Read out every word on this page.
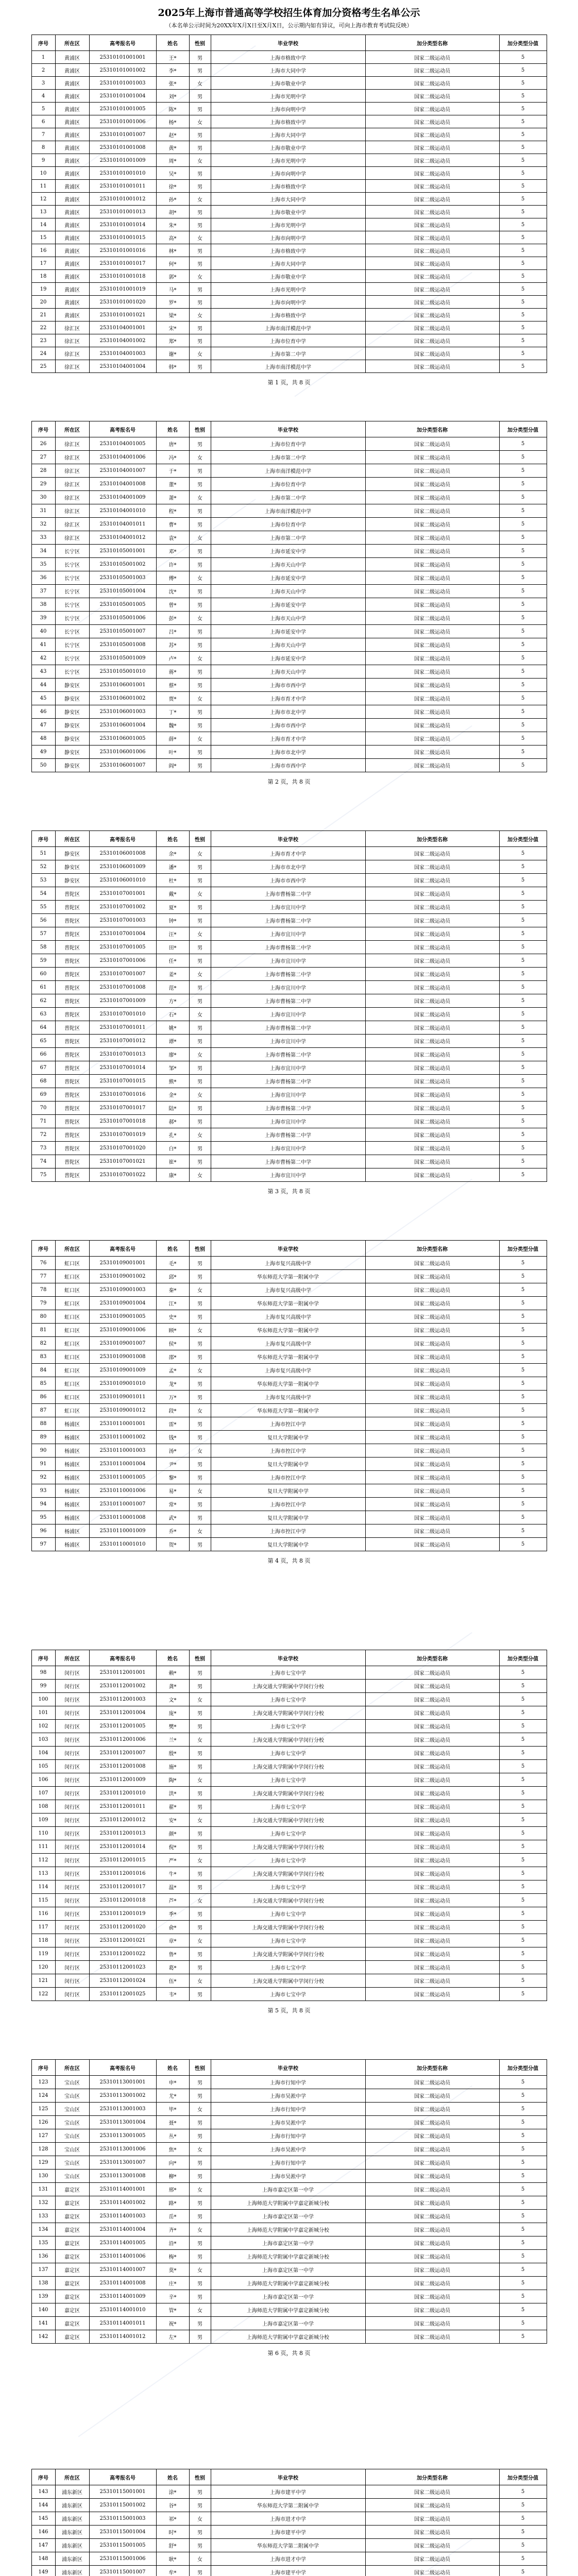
2025年上海市普通高等学校招生体育加分资格考生名单公示
（本名单公示时间为20XX年X月X日至X月X日，公示期内如有异议，可向上海市教育考试院反映）
序号	所在区	高考报名号	姓名	性别	毕业学校	加分类型名称	加分类型分值
1	黄浦区	25310101001001	王*	男	上海市格致中学	国家二级运动员	5
2	黄浦区	25310101001002	李*	男	上海市大同中学	国家二级运动员	5
3	黄浦区	25310101001003	张*	女	上海市敬业中学	国家二级运动员	5
4	黄浦区	25310101001004	刘*	男	上海市光明中学	国家二级运动员	5
5	黄浦区	25310101001005	陈*	男	上海市向明中学	国家二级运动员	5
6	黄浦区	25310101001006	杨*	女	上海市格致中学	国家二级运动员	5
7	黄浦区	25310101001007	赵*	男	上海市大同中学	国家二级运动员	5
8	黄浦区	25310101001008	黄*	男	上海市敬业中学	国家二级运动员	5
9	黄浦区	25310101001009	周*	女	上海市光明中学	国家二级运动员	5
10	黄浦区	25310101001010	吴*	男	上海市向明中学	国家二级运动员	5
11	黄浦区	25310101001011	徐*	男	上海市格致中学	国家二级运动员	5
12	黄浦区	25310101001012	孙*	女	上海市大同中学	国家二级运动员	5
13	黄浦区	25310101001013	胡*	男	上海市敬业中学	国家二级运动员	5
14	黄浦区	25310101001014	朱*	男	上海市光明中学	国家二级运动员	5
15	黄浦区	25310101001015	高*	女	上海市向明中学	国家二级运动员	5
16	黄浦区	25310101001016	林*	男	上海市格致中学	国家二级运动员	5
17	黄浦区	25310101001017	何*	男	上海市大同中学	国家二级运动员	5
18	黄浦区	25310101001018	郭*	女	上海市敬业中学	国家二级运动员	5
19	黄浦区	25310101001019	马*	男	上海市光明中学	国家二级运动员	5
20	黄浦区	25310101001020	罗*	男	上海市向明中学	国家二级运动员	5
21	黄浦区	25310101001021	梁*	女	上海市格致中学	国家二级运动员	5
22	徐汇区	25310104001001	宋*	男	上海市南洋模范中学	国家二级运动员	5
23	徐汇区	25310104001002	郑*	男	上海市位育中学	国家二级运动员	5
24	徐汇区	25310104001003	谢*	女	上海市第二中学	国家二级运动员	5
25	徐汇区	25310104001004	韩*	男	上海市南洋模范中学	国家二级运动员	5
第 1 页，共 8 页
序号	所在区	高考报名号	姓名	性别	毕业学校	加分类型名称	加分类型分值
26	徐汇区	25310104001005	唐*	男	上海市位育中学	国家二级运动员	5
27	徐汇区	25310104001006	冯*	女	上海市第二中学	国家二级运动员	5
28	徐汇区	25310104001007	于*	男	上海市南洋模范中学	国家二级运动员	5
29	徐汇区	25310104001008	董*	男	上海市位育中学	国家二级运动员	5
30	徐汇区	25310104001009	萧*	女	上海市第二中学	国家二级运动员	5
31	徐汇区	25310104001010	程*	男	上海市南洋模范中学	国家二级运动员	5
32	徐汇区	25310104001011	曹*	男	上海市位育中学	国家二级运动员	5
33	徐汇区	25310104001012	袁*	女	上海市第二中学	国家二级运动员	5
34	长宁区	25310105001001	邓*	男	上海市延安中学	国家二级运动员	5
35	长宁区	25310105001002	许*	男	上海市天山中学	国家二级运动员	5
36	长宁区	25310105001003	傅*	女	上海市延安中学	国家二级运动员	5
37	长宁区	25310105001004	沈*	男	上海市天山中学	国家二级运动员	5
38	长宁区	25310105001005	曾*	男	上海市延安中学	国家二级运动员	5
39	长宁区	25310105001006	彭*	女	上海市天山中学	国家二级运动员	5
40	长宁区	25310105001007	吕*	男	上海市延安中学	国家二级运动员	5
41	长宁区	25310105001008	苏*	男	上海市天山中学	国家二级运动员	5
42	长宁区	25310105001009	卢*	女	上海市延安中学	国家二级运动员	5
43	长宁区	25310105001010	蒋*	男	上海市天山中学	国家二级运动员	5
44	静安区	25310106001001	蔡*	男	上海市市西中学	国家二级运动员	5
45	静安区	25310106001002	贾*	女	上海市育才中学	国家二级运动员	5
46	静安区	25310106001003	丁*	男	上海市市北中学	国家二级运动员	5
47	静安区	25310106001004	魏*	男	上海市市西中学	国家二级运动员	5
48	静安区	25310106001005	薛*	女	上海市育才中学	国家二级运动员	5
49	静安区	25310106001006	叶*	男	上海市市北中学	国家二级运动员	5
50	静安区	25310106001007	阎*	男	上海市市西中学	国家二级运动员	5
第 2 页，共 8 页
序号	所在区	高考报名号	姓名	性别	毕业学校	加分类型名称	加分类型分值
51	静安区	25310106001008	余*	女	上海市育才中学	国家二级运动员	5
52	静安区	25310106001009	潘*	男	上海市市北中学	国家二级运动员	5
53	静安区	25310106001010	杜*	男	上海市市西中学	国家二级运动员	5
54	普陀区	25310107001001	戴*	女	上海市曹杨第二中学	国家二级运动员	5
55	普陀区	25310107001002	夏*	男	上海市宜川中学	国家二级运动员	5
56	普陀区	25310107001003	钟*	男	上海市曹杨第二中学	国家二级运动员	5
57	普陀区	25310107001004	汪*	女	上海市宜川中学	国家二级运动员	5
58	普陀区	25310107001005	田*	男	上海市曹杨第二中学	国家二级运动员	5
59	普陀区	25310107001006	任*	男	上海市宜川中学	国家二级运动员	5
60	普陀区	25310107001007	姜*	女	上海市曹杨第二中学	国家二级运动员	5
61	普陀区	25310107001008	范*	男	上海市宜川中学	国家二级运动员	5
62	普陀区	25310107001009	方*	男	上海市曹杨第二中学	国家二级运动员	5
63	普陀区	25310107001010	石*	女	上海市宜川中学	国家二级运动员	5
64	普陀区	25310107001011	姚*	男	上海市曹杨第二中学	国家二级运动员	5
65	普陀区	25310107001012	谭*	男	上海市宜川中学	国家二级运动员	5
66	普陀区	25310107001013	廖*	女	上海市曹杨第二中学	国家二级运动员	5
67	普陀区	25310107001014	邹*	男	上海市宜川中学	国家二级运动员	5
68	普陀区	25310107001015	熊*	男	上海市曹杨第二中学	国家二级运动员	5
69	普陀区	25310107001016	金*	女	上海市宜川中学	国家二级运动员	5
70	普陀区	25310107001017	陆*	男	上海市曹杨第二中学	国家二级运动员	5
71	普陀区	25310107001018	郝*	男	上海市宜川中学	国家二级运动员	5
72	普陀区	25310107001019	孔*	女	上海市曹杨第二中学	国家二级运动员	5
73	普陀区	25310107001020	白*	男	上海市宜川中学	国家二级运动员	5
74	普陀区	25310107001021	崔*	男	上海市曹杨第二中学	国家二级运动员	5
75	普陀区	25310107001022	康*	女	上海市宜川中学	国家二级运动员	5
第 3 页，共 8 页
序号	所在区	高考报名号	姓名	性别	毕业学校	加分类型名称	加分类型分值
76	虹口区	25310109001001	毛*	男	上海市复兴高级中学	国家二级运动员	5
77	虹口区	25310109001002	邱*	男	华东师范大学第一附属中学	国家二级运动员	5
78	虹口区	25310109001003	秦*	女	上海市复兴高级中学	国家二级运动员	5
79	虹口区	25310109001004	江*	男	华东师范大学第一附属中学	国家二级运动员	5
80	虹口区	25310109001005	史*	男	上海市复兴高级中学	国家二级运动员	5
81	虹口区	25310109001006	顾*	女	华东师范大学第一附属中学	国家二级运动员	5
82	虹口区	25310109001007	侯*	男	上海市复兴高级中学	国家二级运动员	5
83	虹口区	25310109001008	邵*	男	华东师范大学第一附属中学	国家二级运动员	5
84	虹口区	25310109001009	孟*	女	上海市复兴高级中学	国家二级运动员	5
85	虹口区	25310109001010	龙*	男	华东师范大学第一附属中学	国家二级运动员	5
86	虹口区	25310109001011	万*	男	上海市复兴高级中学	国家二级运动员	5
87	虹口区	25310109001012	段*	女	华东师范大学第一附属中学	国家二级运动员	5
88	杨浦区	25310110001001	雷*	男	上海市控江中学	国家二级运动员	5
89	杨浦区	25310110001002	钱*	男	复旦大学附属中学	国家二级运动员	5
90	杨浦区	25310110001003	汤*	女	上海市控江中学	国家二级运动员	5
91	杨浦区	25310110001004	尹*	男	复旦大学附属中学	国家二级运动员	5
92	杨浦区	25310110001005	黎*	男	上海市控江中学	国家二级运动员	5
93	杨浦区	25310110001006	易*	女	复旦大学附属中学	国家二级运动员	5
94	杨浦区	25310110001007	常*	男	上海市控江中学	国家二级运动员	5
95	杨浦区	25310110001008	武*	男	复旦大学附属中学	国家二级运动员	5
96	杨浦区	25310110001009	乔*	女	上海市控江中学	国家二级运动员	5
97	杨浦区	25310110001010	贺*	男	复旦大学附属中学	国家二级运动员	5
第 4 页，共 8 页
序号	所在区	高考报名号	姓名	性别	毕业学校	加分类型名称	加分类型分值
98	闵行区	25310112001001	赖*	男	上海市七宝中学	国家二级运动员	5
99	闵行区	25310112001002	龚*	男	上海交通大学附属中学闵行分校	国家二级运动员	5
100	闵行区	25310112001003	文*	女	上海市七宝中学	国家二级运动员	5
101	闵行区	25310112001004	庞*	男	上海交通大学附属中学闵行分校	国家二级运动员	5
102	闵行区	25310112001005	樊*	男	上海市七宝中学	国家二级运动员	5
103	闵行区	25310112001006	兰*	女	上海交通大学附属中学闵行分校	国家二级运动员	5
104	闵行区	25310112001007	殷*	男	上海市七宝中学	国家二级运动员	5
105	闵行区	25310112001008	施*	男	上海交通大学附属中学闵行分校	国家二级运动员	5
106	闵行区	25310112001009	陶*	女	上海市七宝中学	国家二级运动员	5
107	闵行区	25310112001010	洪*	男	上海交通大学附属中学闵行分校	国家二级运动员	5
108	闵行区	25310112001011	翟*	男	上海市七宝中学	国家二级运动员	5
109	闵行区	25310112001012	安*	女	上海交通大学附属中学闵行分校	国家二级运动员	5
110	闵行区	25310112001013	颜*	男	上海市七宝中学	国家二级运动员	5
111	闵行区	25310112001014	倪*	男	上海交通大学附属中学闵行分校	国家二级运动员	5
112	闵行区	25310112001015	严*	女	上海市七宝中学	国家二级运动员	5
113	闵行区	25310112001016	牛*	男	上海交通大学附属中学闵行分校	国家二级运动员	5
114	闵行区	25310112001017	温*	男	上海市七宝中学	国家二级运动员	5
115	闵行区	25310112001018	芦*	女	上海交通大学附属中学闵行分校	国家二级运动员	5
116	闵行区	25310112001019	季*	男	上海市七宝中学	国家二级运动员	5
117	闵行区	25310112001020	俞*	男	上海交通大学附属中学闵行分校	国家二级运动员	5
118	闵行区	25310112001021	章*	女	上海市七宝中学	国家二级运动员	5
119	闵行区	25310112001022	鲁*	男	上海交通大学附属中学闵行分校	国家二级运动员	5
120	闵行区	25310112001023	葛*	男	上海市七宝中学	国家二级运动员	5
121	闵行区	25310112001024	伍*	女	上海交通大学附属中学闵行分校	国家二级运动员	5
122	闵行区	25310112001025	韦*	男	上海市七宝中学	国家二级运动员	5
第 5 页，共 8 页
序号	所在区	高考报名号	姓名	性别	毕业学校	加分类型名称	加分类型分值
123	宝山区	25310113001001	申*	男	上海市行知中学	国家二级运动员	5
124	宝山区	25310113001002	尤*	男	上海市吴淞中学	国家二级运动员	5
125	宝山区	25310113001003	毕*	女	上海市行知中学	国家二级运动员	5
126	宝山区	25310113001004	聂*	男	上海市吴淞中学	国家二级运动员	5
127	宝山区	25310113001005	丛*	男	上海市行知中学	国家二级运动员	5
128	宝山区	25310113001006	焦*	女	上海市吴淞中学	国家二级运动员	5
129	宝山区	25310113001007	向*	男	上海市行知中学	国家二级运动员	5
130	宝山区	25310113001008	柳*	男	上海市吴淞中学	国家二级运动员	5
131	嘉定区	25310114001001	邢*	女	上海市嘉定区第一中学	国家二级运动员	5
132	嘉定区	25310114001002	路*	男	上海师范大学附属中学嘉定新城分校	国家二级运动员	5
133	嘉定区	25310114001003	岳*	男	上海市嘉定区第一中学	国家二级运动员	5
134	嘉定区	25310114001004	齐*	女	上海师范大学附属中学嘉定新城分校	国家二级运动员	5
135	嘉定区	25310114001005	沿*	男	上海市嘉定区第一中学	国家二级运动员	5
136	嘉定区	25310114001006	梅*	男	上海师范大学附属中学嘉定新城分校	国家二级运动员	5
137	嘉定区	25310114001007	莫*	女	上海市嘉定区第一中学	国家二级运动员	5
138	嘉定区	25310114001008	庄*	男	上海师范大学附属中学嘉定新城分校	国家二级运动员	5
139	嘉定区	25310114001009	辛*	男	上海市嘉定区第一中学	国家二级运动员	5
140	嘉定区	25310114001010	管*	女	上海师范大学附属中学嘉定新城分校	国家二级运动员	5
141	嘉定区	25310114001011	祝*	男	上海市嘉定区第一中学	国家二级运动员	5
142	嘉定区	25310114001012	左*	男	上海师范大学附属中学嘉定新城分校	国家二级运动员	5
第 6 页，共 8 页
序号	所在区	高考报名号	姓名	性别	毕业学校	加分类型名称	加分类型分值
143	浦东新区	25310115001001	涂*	男	上海市建平中学	国家二级运动员	5
144	浦东新区	25310115001002	谷*	男	华东师范大学第二附属中学	国家二级运动员	5
145	浦东新区	25310115001003	祁*	女	上海市进才中学	国家二级运动员	5
146	浦东新区	25310115001004	时*	男	上海市建平中学	国家二级运动员	5
147	浦东新区	25310115001005	舒*	男	华东师范大学第二附属中学	国家二级运动员	5
148	浦东新区	25310115001006	耿*	女	上海市进才中学	国家二级运动员	5
149	浦东新区	25310115001007	牟*	男	上海市建平中学	国家二级运动员	5
